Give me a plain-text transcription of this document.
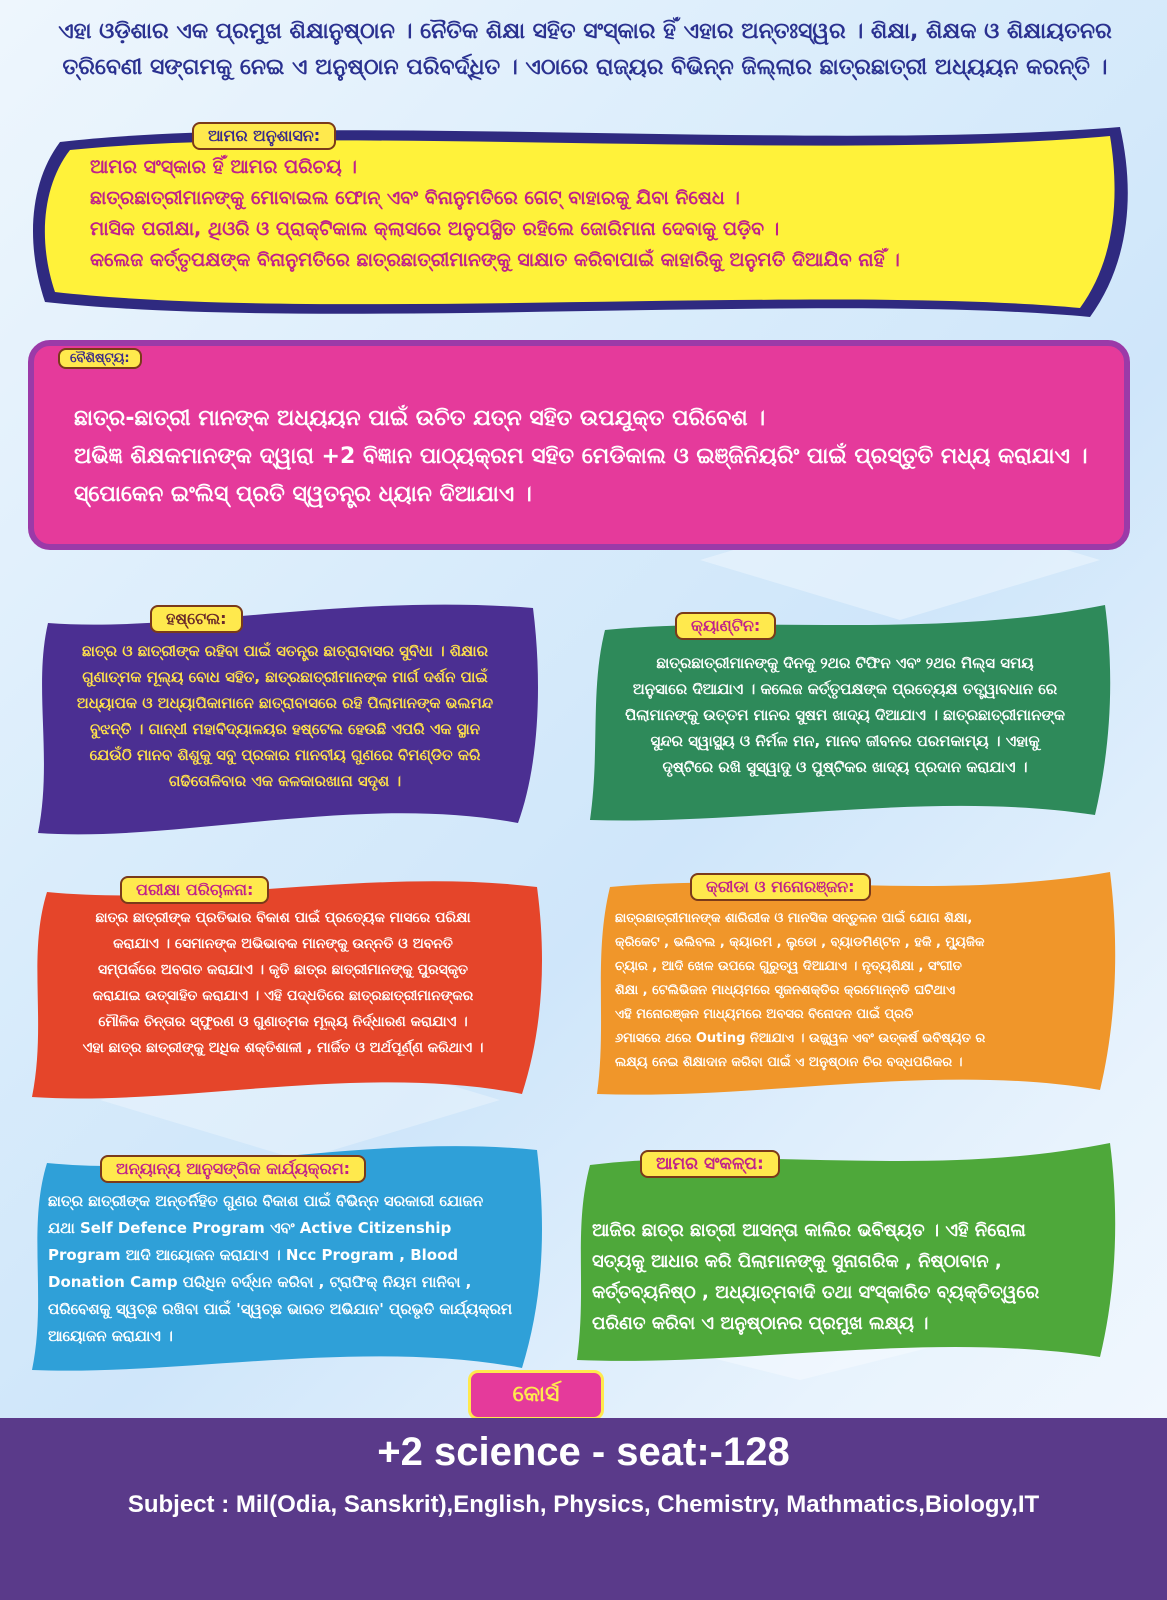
ଏହା ଓଡ଼ିଶାର ଏକ ପ୍ରମୁଖ ଶିକ୍ଷାନୁଷ୍ଠାନ । ନୈତିକ ଶିକ୍ଷା ସହିତ ସଂସ୍କାର ହିଁ ଏହାର ଅନ୍ତଃସ୍ୱର । ଶିକ୍ଷା, ଶିକ୍ଷକ ଓ ଶିକ୍ଷାୟତନର
ତ୍ରିବେଣୀ ସଙ୍ଗମକୁ ନେଇ ଏ ଅନୁଷ୍ଠାନ ପରିବର୍ଦ୍ଧିତ । ଏଠାରେ ରାଜ୍ୟର ବିଭିନ୍ନ ଜିଲ୍ଲାର ଛାତ୍ରଛାତ୍ରୀ ଅଧ୍ୟୟନ କରନ୍ତି ।
ଆମର ଅନୁଶାସନ:
ଆମର ସଂସ୍କାର ହିଁ ଆମର ପରିଚୟ ।
ଛାତ୍ରଛାତ୍ରୀମାନଙ୍କୁ ମୋବାଇଲ ଫୋନ୍ ଏବଂ ବିନାନୁମତିରେ ଗେଟ୍ ବାହାରକୁ ଯିବା ନିଷେଧ ।
ମାସିକ ପରୀକ୍ଷା, ଥିଓରି ଓ ପ୍ରାକ୍ଟିକାଲ କ୍ଲାସରେ ଅନୁପସ୍ଥିତ ରହିଲେ ଜୋରିମାନା ଦେବାକୁ ପଡ଼ିବ ।
କଲେଜ କର୍ତ୍ତୃପକ୍ଷଙ୍କ ବିନାନୁମତିରେ ଛାତ୍ରଛାତ୍ରୀମାନଙ୍କୁ ସାକ୍ଷାତ କରିବାପାଇଁ କାହାରିକୁ ଅନୁମତି ଦିଆଯିବ ନାହିଁ ।
ବୈଶିଷ୍ଟ୍ୟ:
ଛାତ୍ର-ଛାତ୍ରୀ ମାନଙ୍କ ଅଧ୍ୟୟନ ପାଇଁ ଉଚିତ ଯତ୍ନ ସହିତ ଉପଯୁକ୍ତ ପରିବେଶ ।
ଅଭିଜ୍ଞ ଶିକ୍ଷକମାନଙ୍କ ଦ୍ୱାରା +2 ବିଜ୍ଞାନ ପାଠ୍ୟକ୍ରମ ସହିତ ମେଡିକାଲ ଓ ଇଞ୍ଜିନିୟରିଂ ପାଇଁ ପ୍ରସ୍ତୁତି ମଧ୍ୟ କରାଯାଏ ।
ସ୍ପୋକେନ ଇଂଲିସ୍ ପ୍ରତି ସ୍ୱତନ୍ତ୍ର ଧ୍ୟାନ ଦିଆଯାଏ ।
ହଷ୍ଟେଲ:
ଛାତ୍ର ଓ ଛାତ୍ରୀଙ୍କ ରହିବା ପାଇଁ ସତନ୍ତ୍ର ଛାତ୍ରାବାସର ସୁବିଧା । ଶିକ୍ଷାର
ଗୁଣାତ୍ମକ ମୂଲ୍ୟ ବୋଧ ସହିତ, ଛାତ୍ରଛାତ୍ରୀମାନଙ୍କ ମାର୍ଗ ଦର୍ଶନ ପାଇଁ
ଅଧ୍ୟାପକ ଓ ଅଧ୍ୟାପିକାମାନେ ଛାତ୍ରାବାସରେ ରହି ପିଲାମାନଙ୍କ ଭଲମନ୍ଦ
ବୁଝନ୍ତି । ଗାନ୍ଧୀ ମହାବିଦ୍ୟାଳୟର ହଷ୍ଟେଲ ହେଉଛି ଏପରି ଏକ ସ୍ଥାନ
ଯେଉଁଠି ମାନବ ଶିଶୁକୁ ସବୁ ପ୍ରକାର ମାନବୀୟ ଗୁଣରେ ବିମଣ୍ଡିତ କରି
ଗଢିତୋଳିବାର ଏକ କଳକାରଖାନା ସଦୃଶ ।
କ୍ୟାଣ୍ଟିନ:
ଛାତ୍ରଛାତ୍ରୀମାନଙ୍କୁ ଦିନକୁ ୨ଥର ଟିଫିନ ଏବଂ ୨ଥର ମିଲ୍ସ ସମୟ
ଅନୁସାରେ ଦିଆଯାଏ । କଲେଜ କର୍ତ୍ତୃପକ୍ଷଙ୍କ ପ୍ରତ୍ୟେକ୍ଷ ତତ୍ତ୍ୱାବଧାନ ରେ
ପିଲାମାନଙ୍କୁ ଉତ୍ତମ ମାନର ସୁଷମ ଖାଦ୍ୟ ଦିଆଯାଏ । ଛାତ୍ରଛାତ୍ରୀମାନଙ୍କ
ସୁନ୍ଦର ସ୍ୱାସ୍ଥ୍ୟ ଓ ନିର୍ମଳ ମନ, ମାନବ ଜୀବନର ପରମକାମ୍ୟ । ଏହାକୁ
ଦୃଷ୍ଟିରେ ରଖି ସୁସ୍ୱାଦୁ ଓ ପୁଷ୍ଟିକର ଖାଦ୍ୟ ପ୍ରଦାନ କରାଯାଏ ।
ପରୀକ୍ଷା ପରିଚାଳନା:
ଛାତ୍ର ଛାତ୍ରୀଙ୍କ ପ୍ରତିଭାର ବିକାଶ ପାଇଁ ପ୍ରତ୍ୟେକ ମାସରେ ପରିକ୍ଷା
କରାଯାଏ । ସେମାନଙ୍କ ଅଭିଭାବକ ମାନଙ୍କୁ ଉନ୍ନତି ଓ ଅବନତି
ସମ୍ପର୍କରେ ଅବଗତ କରାଯାଏ । କୃତି ଛାତ୍ର ଛାତ୍ରୀମାନଙ୍କୁ ପୁରସ୍କୃତ
କରାଯାଇ ଉତ୍ସାହିତ କରାଯାଏ । ଏହି ପଦ୍ଧତିରେ ଛାତ୍ରଛାତ୍ରୀମାନଙ୍କର
ମୌଳିକ ଚିନ୍ତାର ସ୍ଫୁରଣ ଓ ଗୁଣାତ୍ମକ ମୂଲ୍ୟ ନିର୍ଦ୍ଧାରଣ କରାଯାଏ ।
ଏହା ଛାତ୍ର ଛାତ୍ରୀଙ୍କୁ ଅଧିକ ଶକ୍ତିଶାଳୀ , ମାର୍ଜିତ ଓ ଅର୍ଥପୂର୍ଣ୍ଣ କରିଥାଏ ।
କ୍ରୀଡା ଓ ମନୋରଞ୍ଜନ:
ଛାତ୍ରଛାତ୍ରୀମାନଙ୍କ ଶାରିରୀକ ଓ ମାନସିକ ସନ୍ତୁଳନ ପାଇଁ ଯୋଗ ଶିକ୍ଷା,
କ୍ରିକେଟ , ଭଲିବଲ , କ୍ୟାରମ , ଲୁଡୋ , ବ୍ୟାଡମିଣ୍ଟନ , ହକି , ମ୍ୟୁଜିକ
ଚ୍ୟାର , ଆଦି ଖେଳ ଉପରେ ଗୁରୁତ୍ୱ ଦିଆଯାଏ । ନୃତ୍ୟଶିକ୍ଷା , ସଂଗୀତ
ଶିକ୍ଷା , ଟେଲିଭିଜନ ମାଧ୍ୟମରେ ସୃଜନଶକ୍ତିର କ୍ରମୋନ୍ନତି ଘଟିଥାଏ
ଏହି ମନୋରଞ୍ଜନ ମାଧ୍ୟମରେ ଅବସର ବିନୋଦନ ପାଇଁ ପ୍ରତି
୬ମାସରେ ଥରେ Outing ନିଆଯାଏ । ଉଜ୍ଜ୍ୱଳ ଏବଂ ଉତ୍କର୍ଷ ଭବିଷ୍ୟତ ର
ଲକ୍ଷ୍ୟ ନେଇ ଶିକ୍ଷାଦାନ କରିବା ପାଇଁ ଏ ଅନୁଷ୍ଠାନ ଚିର ବଦ୍ଧପରିକର ।
ଅନ୍ୟାନ୍ୟ ଆନୁସଙ୍ଗିକ କାର୍ଯ୍ୟକ୍ରମ:
ଛାତ୍ର ଛାତ୍ରୀଙ୍କ ଅନ୍ତର୍ନିହିତ ଗୁଣର ବିକାଶ ପାଇଁ ବିଭିନ୍ନ ସରକାରୀ ଯୋଜନ
ଯଥା Self Defence Program ଏବଂ Active Citizenship
Program ଆଦି ଆୟୋଜନ କରାଯାଏ । Ncc Program , Blood
Donation Camp ପରିଧିନ ବର୍ଦ୍ଧନ କରିବା , ଟ୍ରାଫିକ୍ ନିୟମ ମାନିବା ,
ପରିବେଶକୁ ସ୍ୱଚ୍ଛ ରଖିବା ପାଇଁ 'ସ୍ୱଚ୍ଛ ଭାରତ ଅଭିଯାନ' ପ୍ରଭୃତି କାର୍ଯ୍ୟକ୍ରମ
ଆୟୋଜନ କରାଯାଏ ।
ଆମର ସଂକଳ୍ପ:
ଆଜିର ଛାତ୍ର ଛାତ୍ରୀ ଆସନ୍ତା କାଲିର ଭବିଷ୍ୟତ । ଏହି ନିରୋଳା
ସତ୍ୟକୁ ଆଧାର କରି ପିଲାମାନଙ୍କୁ ସୁନାଗରିକ , ନିଷ୍ଠାବାନ ,
କର୍ତ୍ତବ୍ୟନିଷ୍ଠ , ଅଧ୍ୟାତ୍ମବାଦି ତଥା ସଂସ୍କାରିତ ବ୍ୟକ୍ତିତ୍ୱରେ
ପରିଣତ କରିବା ଏ ଅନୁଷ୍ଠାନର ପ୍ରମୁଖ ଲକ୍ଷ୍ୟ ।
କୋର୍ସ
+2 science - seat:-128
Subject : Mil(Odia, Sanskrit),English, Physics, Chemistry, Mathmatics,Biology,IT
